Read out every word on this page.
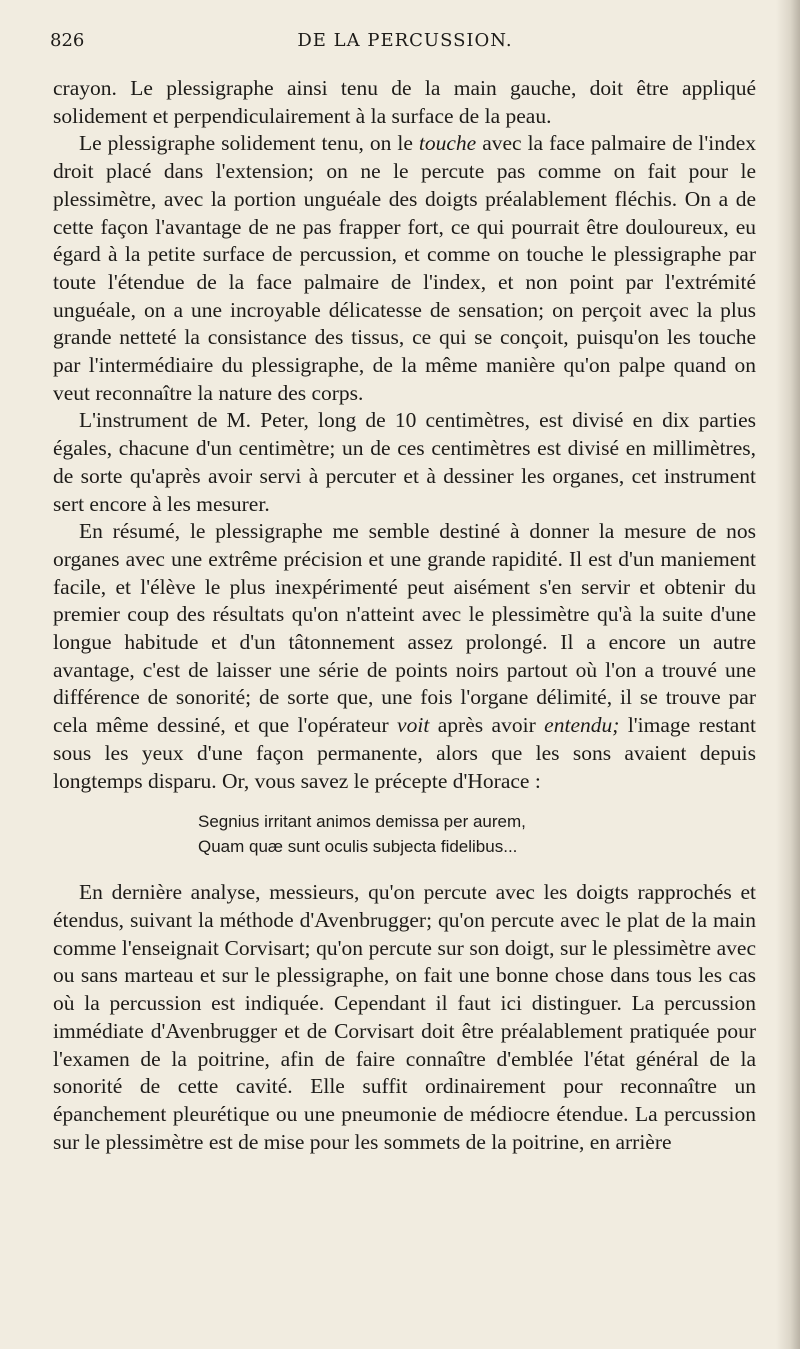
826	DE LA PERCUSSION.

crayon. Le plessigraphe ainsi tenu de la main gauche, doit être appliqué solidement et perpendiculairement à la surface de la peau.

Le plessigraphe solidement tenu, on le touche avec la face palmaire de l'index droit placé dans l'extension; on ne le percute pas comme on fait pour le plessimètre, avec la portion unguéale des doigts préalablement fléchis. On a de cette façon l'avantage de ne pas frapper fort, ce qui pourrait être douloureux, eu égard à la petite surface de percussion, et comme on touche le plessigraphe par toute l'étendue de la face palmaire de l'index, et non point par l'extrémité unguéale, on a une incroyable délicatesse de sensation; on perçoit avec la plus grande netteté la consistance des tissus, ce qui se conçoit, puisqu'on les touche par l'intermédiaire du plessigraphe, de la même manière qu'on palpe quand on veut reconnaître la nature des corps.

L'instrument de M. Peter, long de 10 centimètres, est divisé en dix parties égales, chacune d'un centimètre; un de ces centimètres est divisé en millimètres, de sorte qu'après avoir servi à percuter et à dessiner les organes, cet instrument sert encore à les mesurer.

En résumé, le plessigraphe me semble destiné à donner la mesure de nos organes avec une extrême précision et une grande rapidité. Il est d'un maniement facile, et l'élève le plus inexpérimenté peut aisément s'en servir et obtenir du premier coup des résultats qu'on n'atteint avec le plessimètre qu'à la suite d'une longue habitude et d'un tâtonnement assez prolongé. Il a encore un autre avantage, c'est de laisser une série de points noirs partout où l'on a trouvé une différence de sonorité; de sorte que, une fois l'organe délimité, il se trouve par cela même dessiné, et que l'opérateur voit après avoir entendu; l'image restant sous les yeux d'une façon permanente, alors que les sons avaient depuis longtemps disparu. Or, vous savez le précepte d'Horace :

Segnius irritant animos demissa per aurem,
Quam quæ sunt oculis subjecta fidelibus...

En dernière analyse, messieurs, qu'on percute avec les doigts rapprochés et étendus, suivant la méthode d'Avenbrugger; qu'on percute avec le plat de la main comme l'enseignait Corvisart; qu'on percute sur son doigt, sur le plessimètre avec ou sans marteau et sur le plessigraphe, on fait une bonne chose dans tous les cas où la percussion est indiquée. Cependant il faut ici distinguer. La percussion immédiate d'Avenbrugger et de Corvisart doit être préalablement pratiquée pour l'examen de la poitrine, afin de faire connaître d'emblée l'état général de la sonorité de cette cavité. Elle suffit ordinairement pour reconnaître un épanchement pleurétique ou une pneumonie de médiocre étendue. La percussion sur le plessimètre est de mise pour les sommets de la poitrine, en arrière
